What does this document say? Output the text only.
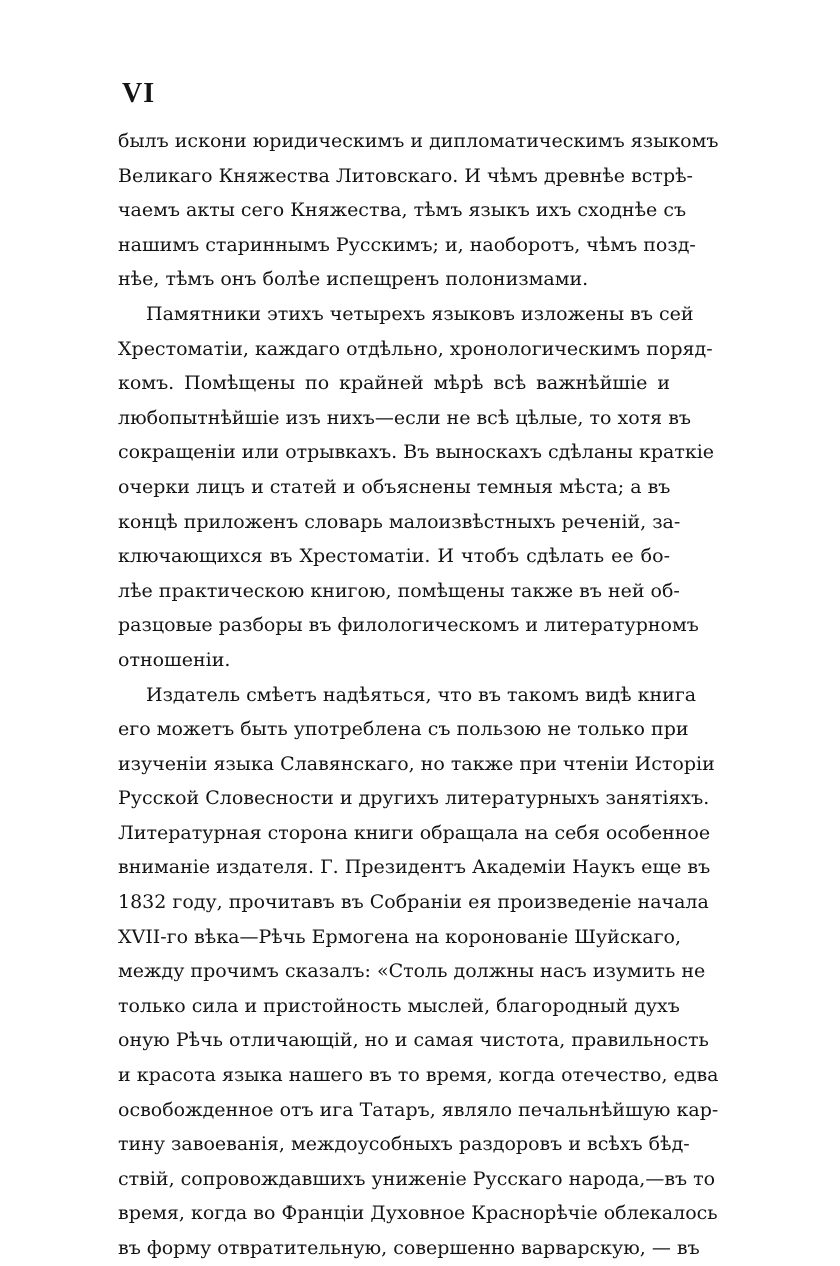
VI
былъ искони юридическимъ и дипломатическимъ языкомъ
Великаго Княжества Литовскаго. И чѣмъ древнѣе встрѣ-
чаемъ акты сего Княжества, тѣмъ языкъ ихъ сходнѣе съ
нашимъ стариннымъ Русскимъ; и, наоборотъ, чѣмъ позд-
нѣе, тѣмъ онъ болѣе испещренъ полонизмами.
Памятники этихъ четырехъ языковъ изложены въ сей
Хрестоматіи, каждаго отдѣльно, хронологическимъ поряд-
комъ. Помѣщены по крайней мѣрѣ всѣ важнѣйшіе и
любопытнѣйшіе изъ нихъ—если не всѣ цѣлые, то хотя въ
сокращеніи или отрывкахъ. Въ выноскахъ сдѣланы краткіе
очерки лицъ и статей и объяснены темныя мѣста; а въ
концѣ приложенъ словарь малоизвѣстныхъ реченій, за-
ключающихся въ Хрестоматіи. И чтобъ сдѣлать ее бо-
лѣе практическою книгою, помѣщены также въ ней об-
разцовые разборы въ филологическомъ и литературномъ
отношеніи.
Издатель смѣетъ надѣяться, что въ такомъ видѣ книга
его можетъ быть употреблена съ пользою не только при
изученіи языка Славянскаго, но также при чтеніи Исторіи
Русской Словесности и другихъ литературныхъ занятіяхъ.
Литературная сторона книги обращала на себя особенное
вниманіе издателя. Г. Президентъ Академіи Наукъ еще въ
1832 году, прочитавъ въ Собраніи ея произведеніе начала
XVII-го вѣка—Рѣчь Ермогена на коронованіе Шуйскаго,
между прочимъ сказалъ: «Столь должны насъ изумить не
только сила и пристойность мыслей, благородный духъ
оную Рѣчь отличающій, но и самая чистота, правильность
и красота языка нашего въ то время, когда отечество, едва
освобожденное отъ ига Татаръ, являло печальнѣйшую кар-
тину завоеванія, междоусобныхъ раздоровъ и всѣхъ бѣд-
ствій, сопровождавшихъ униженіе Русскаго народа,—въ то
время, когда во Франціи Духовное Краснорѣчіе облекалось
въ форму отвратительную, совершенно варварскую, — въ
